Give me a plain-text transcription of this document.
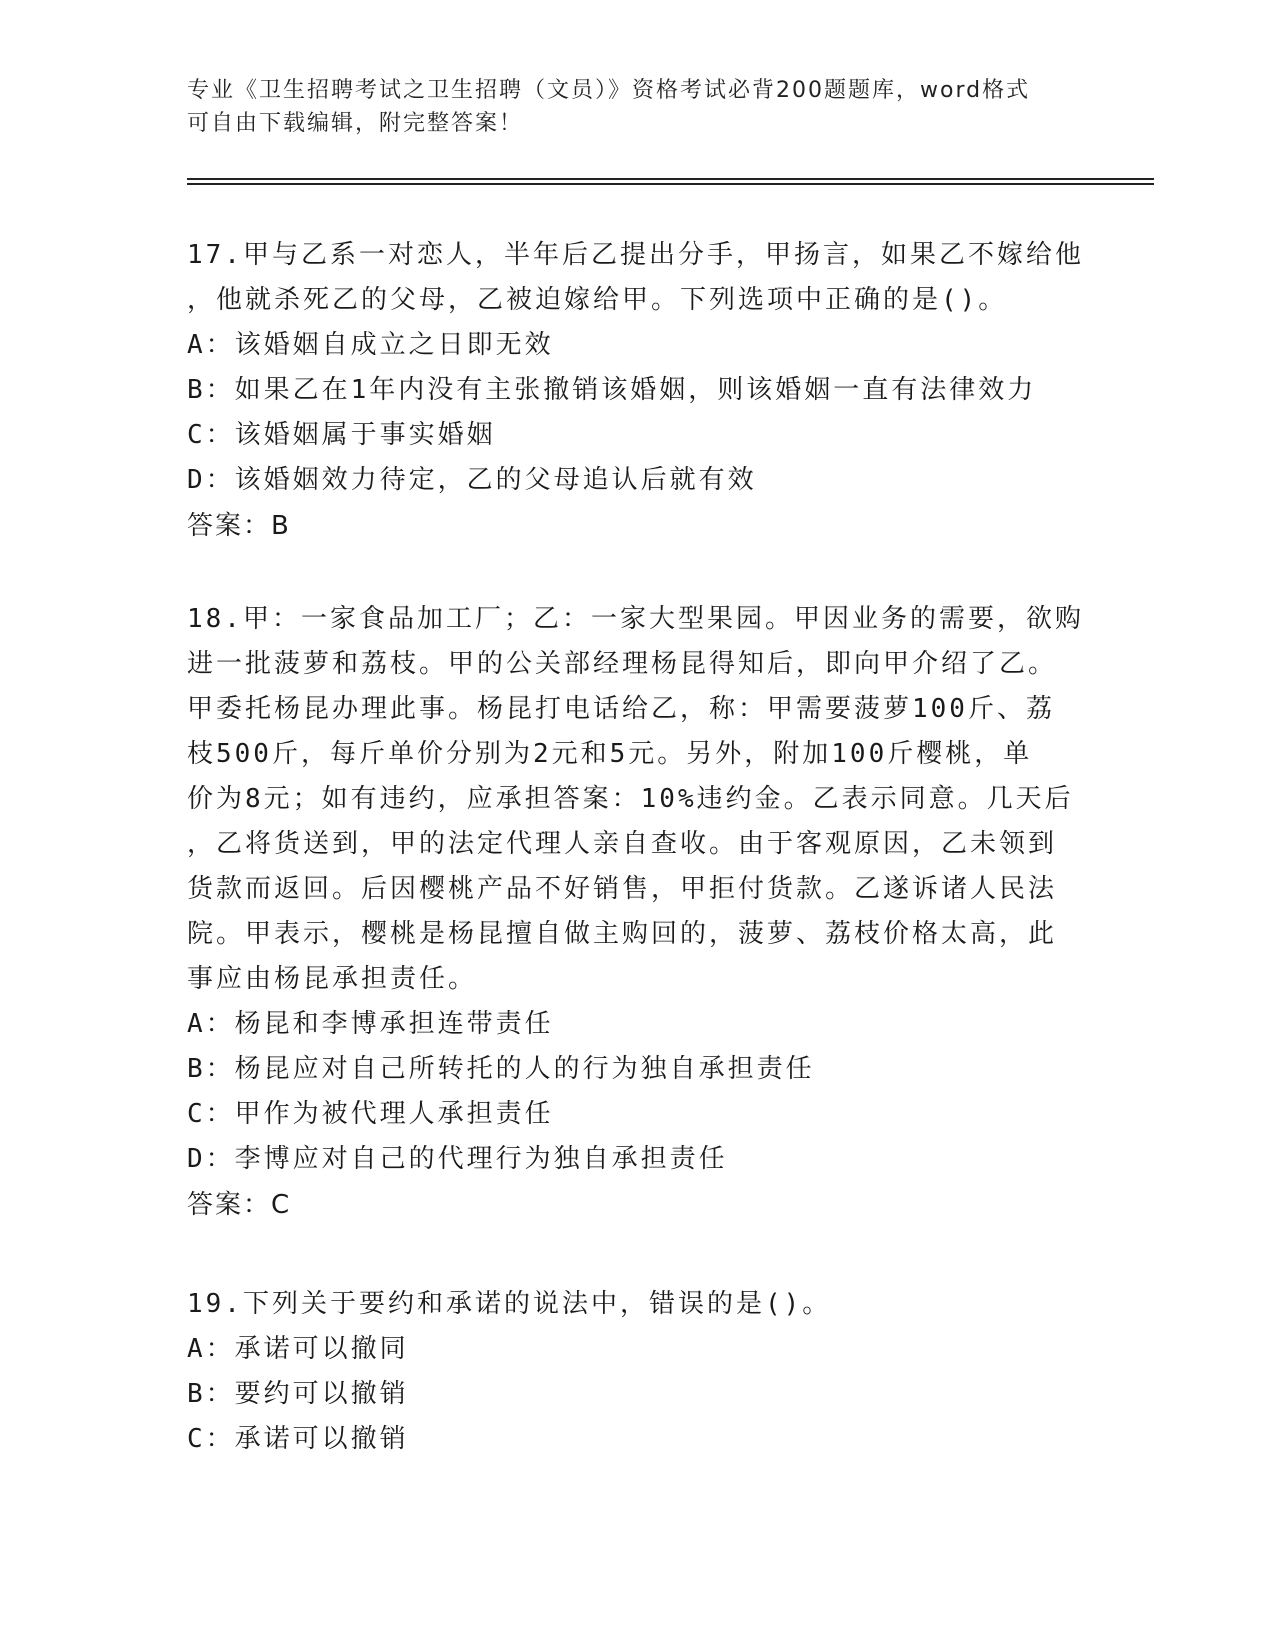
专业《卫生招聘考试之卫生招聘（文员）》资格考试必背200题题库，word格式
可自由下载编辑，附完整答案！

17.甲与乙系一对恋人，半年后乙提出分手，甲扬言，如果乙不嫁给他

，他就杀死乙的父母，乙被迫嫁给甲。下列选项中正确的是()。

A：该婚姻自成立之日即无效

B：如果乙在1年内没有主张撤销该婚姻，则该婚姻一直有法律效力

C：该婚姻属于事实婚姻

D：该婚姻效力待定，乙的父母追认后就有效

答案：B

18.甲：一家食品加工厂；乙：一家大型果园。甲因业务的需要，欲购

进一批菠萝和荔枝。甲的公关部经理杨昆得知后，即向甲介绍了乙。

甲委托杨昆办理此事。杨昆打电话给乙，称：甲需要菠萝100斤、荔

枝500斤，每斤单价分别为2元和5元。另外，附加100斤樱桃，单

价为8元；如有违约，应承担答案：10%违约金。乙表示同意。几天后

，乙将货送到，甲的法定代理人亲自查收。由于客观原因，乙未领到

货款而返回。后因樱桃产品不好销售，甲拒付货款。乙遂诉诸人民法

院。甲表示，樱桃是杨昆擅自做主购回的，菠萝、荔枝价格太高，此

事应由杨昆承担责任。

A：杨昆和李博承担连带责任

B：杨昆应对自己所转托的人的行为独自承担责任

C：甲作为被代理人承担责任

D：李博应对自己的代理行为独自承担责任

答案：C

19.下列关于要约和承诺的说法中，错误的是()。

A：承诺可以撤同

B：要约可以撤销

C：承诺可以撤销
